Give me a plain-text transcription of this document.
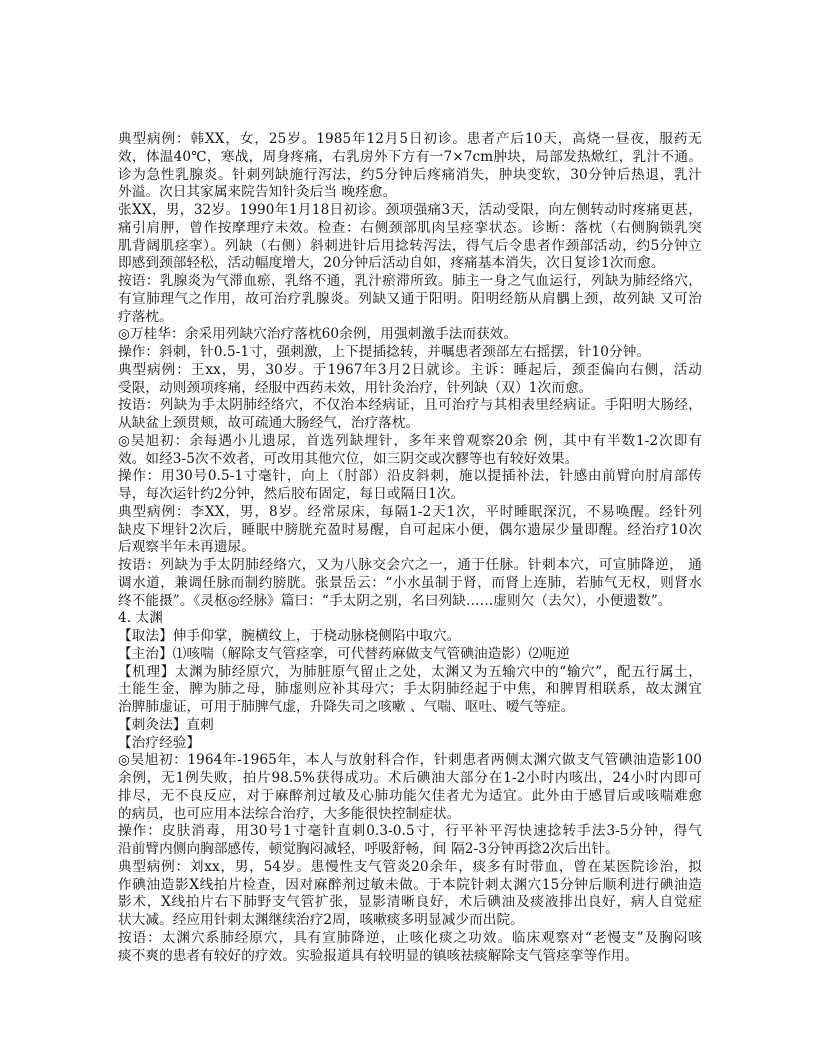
典型病例：韩XX，女，25岁。1985年12月5日初诊。患者产后10天，高烧一昼夜，服药无
效，体温40℃，寒战，周身疼痛，右乳房外下方有一7×7cm肿块，局部发热焮红，乳汁不通。
诊为急性乳腺炎。针刺列缺施行泻法，约5分钟后疼痛消失，肿块变软，30分钟后热退，乳汁
外溢。次日其家属来院告知针灸后当 晚痊愈。
张XX，男，32岁。1990年1月18日初诊。颈项强痛3天，活动受限，向左侧转动时疼痛更甚，
痛引肩胛，曾作按摩理疗未效。检查：右侧颈部肌肉呈痉挛状态。诊断：落枕（右侧胸锁乳突
肌背阔肌痉挛）。列缺（右侧）斜刺进针后用捻转泻法，得气后令患者作颈部活动，约5分钟立
即感到颈部轻松，活动幅度增大，20分钟后活动自如，疼痛基本消失，次日复诊1次而愈。
按语：乳腺炎为气滞血瘀，乳络不通，乳汁瘀滞所致。肺主一身之气血运行，列缺为肺经络穴，
有宣肺理气之作用，故可治疗乳腺炎。列缺又通于阳明。阳明经筋从肩髃上颈，故列缺 又可治
疗落枕。
◎万桂华：余采用列缺穴治疗落枕60余例，用强刺激手法而获效。
操作：斜刺，针0.5-1寸，强刺激，上下提插捻转，并嘱患者颈部左右摇摆，针10分钟。
典型病例：王xx，男，30岁。于1967年3月2日就诊。主诉：睡起后，颈歪偏向右侧，活动
受限，动则颈项疼痛，经服中西药未效，用针灸治疗，针列缺（双）1次而愈。
按语：列缺为手太阴肺经络穴，不仅治本经病证，且可治疗与其相表里经病证。手阳明大肠经，
从缺盆上颈贯颊，故可疏通大肠经气，治疗落枕。
◎吴旭初：余每遇小儿遗尿，首选列缺埋针，多年来曾观察20余 例，其中有半数1-2次即有
效。如经3-5次不效者，可改用其他穴位，如三阴交或次髎等也有较好效果。
操作：用30号0.5-1寸毫针，向上（肘部）沿皮斜刺，施以提插补法，针感由前臂向肘肩部传
导，每次运针约2分钟，然后胶布固定，每日或隔日1次。
典型病例：李XX，男，8岁。经常尿床，每隔1-2天1次，平时睡眠深沉，不易唤醒。经针列
缺皮下埋针2次后，睡眠中膀胱充盈时易醒，自可起床小便，偶尔遗尿少量即醒。经治疗10次
后观察半年未再遗尿。
按语：列缺为手太阴肺经络穴，又为八脉交会穴之一，通于任脉。针刺本穴，可宣肺降逆， 通
调水道，兼调任脉而制约膀胱。张景岳云：“小水虽制于肾，而肾上连肺，若肺气无权，则肾水
终不能摄”。《灵枢◎经脉》篇曰：“手太阴之别，名曰列缺……虚则欠（去欠），小便遗数”。
4. 太渊
【取法】伸手仰掌，腕横纹上，于桡动脉桡侧陷中取穴。
【主治】⑴咳喘（解除支气管痉挛，可代替药麻做支气管碘油造影）⑵呃逆
【机理】太渊为肺经原穴，为肺脏原气留止之处，太渊又为五输穴中的“输穴”，配五行属土，
土能生金，脾为肺之母，肺虚则应补其母穴；手太阴肺经起于中焦，和脾胃相联系，故太渊宜
治脾肺虚证，可用于肺脾气虚，升降失司之咳嗽 、气喘、呕吐、嗳气等症。
【刺灸法】直刺
【治疗经验】
◎吴旭初：1964年-1965年，本人与放射科合作，针刺患者两侧太渊穴做支气管碘油造影100
余例，无1例失败，拍片98.5%获得成功。术后碘油大部分在1-2小时内咳出，24小时内即可
排尽，无不良反应，对于麻醉剂过敏及心肺功能欠佳者尤为适宜。此外由于感冒后或咳喘难愈
的病员，也可应用本法综合治疗，大多能很快控制症状。
操作：皮肤消毒，用30号1寸毫针直刺0.3-0.5寸，行平补平泻快速捻转手法3-5分钟，得气
沿前臂内侧向胸部感传，顿觉胸闷减轻，呼吸舒畅，间 隔2-3分钟再捻2次后出针。
典型病例：刘xx，男，54岁。患慢性支气管炎20余年，痰多有时带血，曾在某医院诊治，拟
作碘油造影X线拍片检查，因对麻醉剂过敏未做。于本院针刺太渊穴15分钟后顺利进行碘油造
影术，X线拍片右下肺野支气管扩张，显影清晰良好，术后碘油及痰液排出良好，病人自觉症
状大减。经应用针刺太渊继续治疗2周，咳嗽痰多明显减少而出院。
按语：太渊穴系肺经原穴，具有宣肺降逆，止咳化痰之功效。临床观察对“老慢支”及胸闷咳
痰不爽的患者有较好的疗效。实验报道具有较明显的镇咳祛痰解除支气管痉挛等作用。
